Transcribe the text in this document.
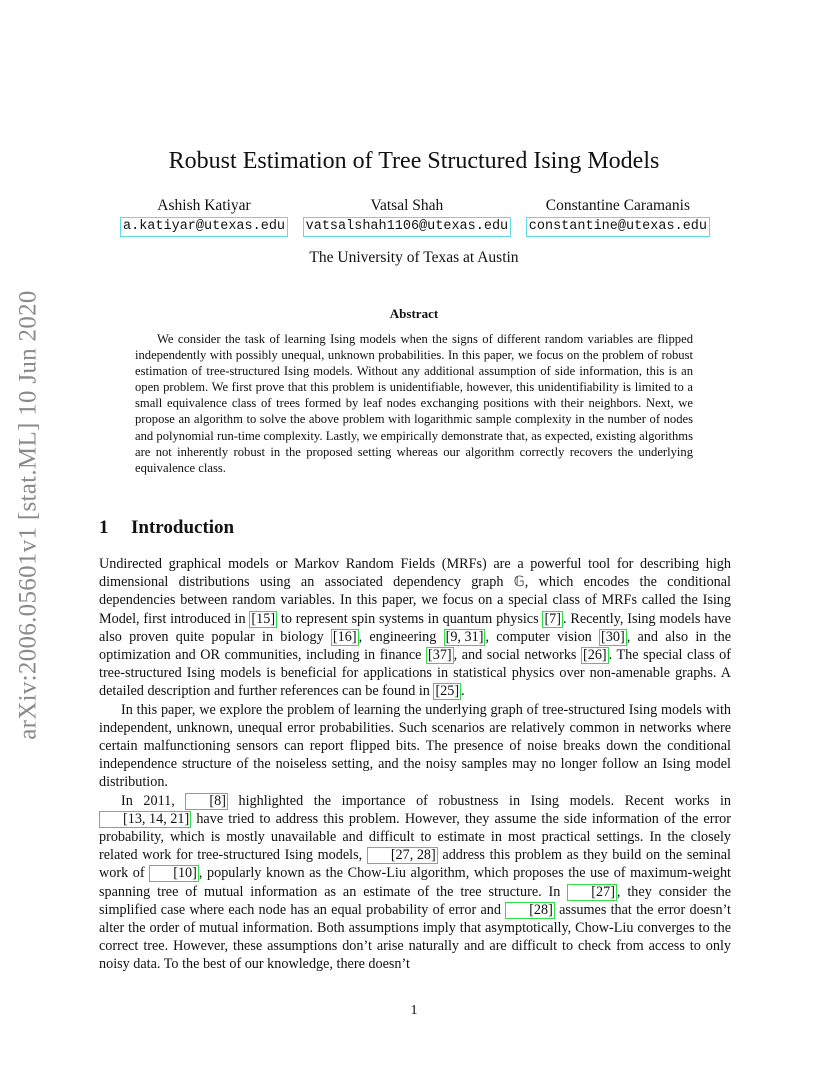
arXiv:2006.05601v1 [stat.ML] 10 Jun 2020
Robust Estimation of Tree Structured Ising Models
Ashish Katiyar
a.katiyar@utexas.edu
Vatsal Shah
vatsalshah1106@utexas.edu
Constantine Caramanis
constantine@utexas.edu
The University of Texas at Austin
Abstract

We consider the task of learning Ising models when the signs of different random variables are flipped independently with possibly unequal, unknown probabilities. In this paper, we focus on the problem of robust estimation of tree-structured Ising models. Without any additional assumption of side information, this is an open problem. We first prove that this problem is unidentifiable, however, this unidentifiability is limited to a small equivalence class of trees formed by leaf nodes exchanging positions with their neighbors. Next, we propose an algorithm to solve the above problem with logarithmic sample complexity in the number of nodes and polynomial run-time complexity. Lastly, we empirically demonstrate that, as expected, existing algorithms are not inherently robust in the proposed setting whereas our algorithm correctly recovers the underlying equivalence class.

1 Introduction

Undirected graphical models or Markov Random Fields (MRFs) are a powerful tool for describing high dimensional distributions using an associated dependency graph 𝔾, which encodes the conditional dependencies between random variables. In this paper, we focus on a special class of MRFs called the Ising Model, first introduced in [15] to represent spin systems in quantum physics [7] . Recently, Ising models have also proven quite popular in biology [16] , engineering [9, 31] , computer vision [30] , and also in the optimization and OR communities, including in finance [37] , and social networks [26] . The special class of tree-structured Ising models is beneficial for applications in statistical physics over non-amenable graphs. A detailed description and further references can be found in [25] .

In this paper, we explore the problem of learning the underlying graph of tree-structured Ising models with independent, unknown, unequal error probabilities. Such scenarios are relatively common in networks where certain malfunctioning sensors can report flipped bits. The presence of noise breaks down the conditional independence structure of the noiseless setting, and the noisy samples may no longer follow an Ising model distribution.

In 2011, [8] highlighted the importance of robustness in Ising models. Recent works in [13, 14, 21] have tried to address this problem. However, they assume the side information of the error probability, which is mostly unavailable and difficult to estimate in most practical settings. In the closely related work for tree-structured Ising models, [27, 28] address this problem as they build on the seminal work of [10] , popularly known as the Chow-Liu algorithm, which proposes the use of maximum-weight spanning tree of mutual information as an estimate of the tree structure. In [27] , they consider the simplified case where each node has an equal probability of error and [28] assumes that the error doesn’t alter the order of mutual information. Both assumptions imply that asymptotically, Chow-Liu converges to the correct tree. However, these assumptions don’t arise naturally and are difficult to check from access to only noisy data. To the best of our knowledge, there doesn’t

1
